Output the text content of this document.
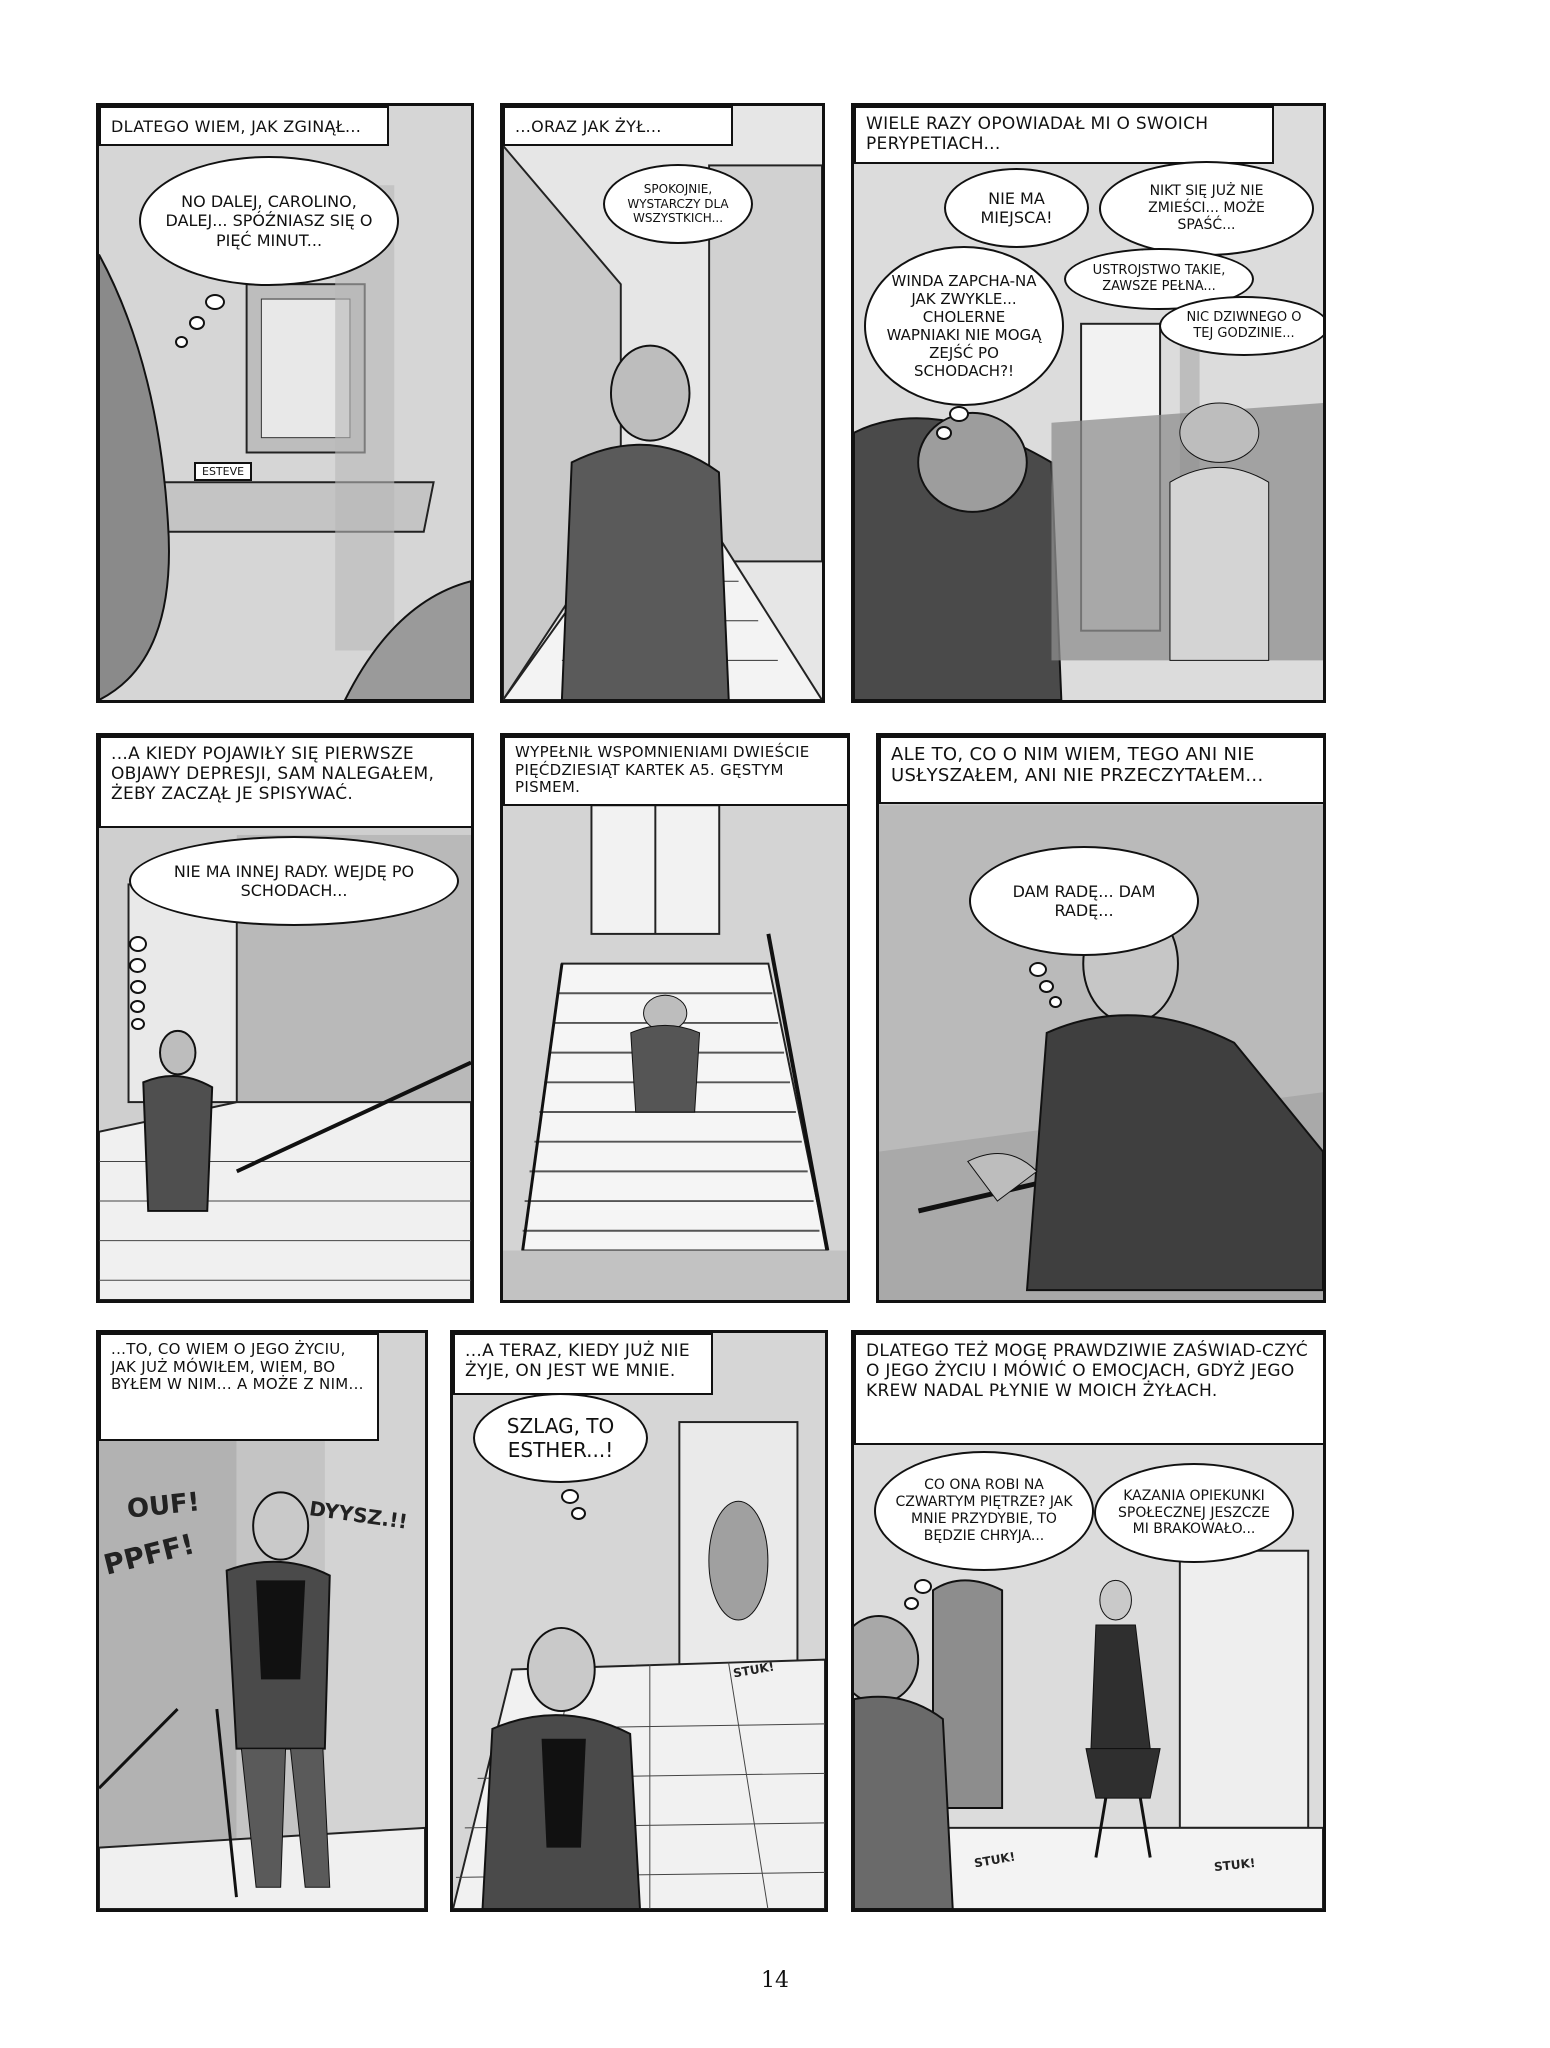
DLATEGO WIEM, JAK ZGINĄŁ...
NO DALEJ, CAROLINO, DALEJ... SPÓŹNIASZ SIĘ O PIĘĆ MINUT...
ESTEVE
...ORAZ JAK ŻYŁ...
SPOKOJNIE, WYSTARCZY DLA WSZYSTKICH...
WIELE RAZY OPOWIADAŁ MI O SWOICH PERYPETIACH...
NIE MA MIEJSCA!
NIKT SIĘ JUŻ NIE ZMIEŚCI... MOŻE SPAŚĆ...
WINDA ZAPCHA-NA JAK ZWYKLE... CHOLERNE WAPNIAKI NIE MOGĄ ZEJŚĆ PO SCHODACH?!
USTROJSTWO TAKIE, ZAWSZE PEŁNA...
NIC DZIWNEGO O TEJ GODZINIE...
...A KIEDY POJAWIŁY SIĘ PIERWSZE OBJAWY DEPRESJI, SAM NALEGAŁEM, ŻEBY ZACZĄŁ JE SPISYWAĆ.
NIE MA INNEJ RADY. WEJDĘ PO SCHODACH...
WYPEŁNIŁ WSPOMNIENIAMI DWIEŚCIE PIĘĆDZIESIĄT KARTEK A5. GĘSTYM PISMEM.
ALE TO, CO O NIM WIEM, TEGO ANI NIE USŁYSZAŁEM, ANI NIE PRZECZYTAŁEM...
DAM RADĘ... DAM RADĘ...
...TO, CO WIEM O JEGO ŻYCIU, JAK JUŻ MÓWIŁEM, WIEM, BO BYŁEM W NIM... A MOŻE Z NIM...
OUF!
PPFF!
DYYSZ.!!
...A TERAZ, KIEDY JUŻ NIE ŻYJE, ON JEST WE MNIE.
SZLAG, TO ESTHER...!
STUK!
DLATEGO TEŻ MOGĘ PRAWDZIWIE ZAŚWIAD-CZYĆ O JEGO ŻYCIU I MÓWIĆ O EMOCJACH, GDYŻ JEGO KREW NADAL PŁYNIE W MOICH ŻYŁACH.
CO ONA ROBI NA CZWARTYM PIĘTRZE? JAK MNIE PRZYDYBIE, TO BĘDZIE CHRYJA...
KAZANIA OPIEKUNKI SPOŁECZNEJ JESZCZE MI BRAKOWAŁO...
STUK!	STUK!
14
